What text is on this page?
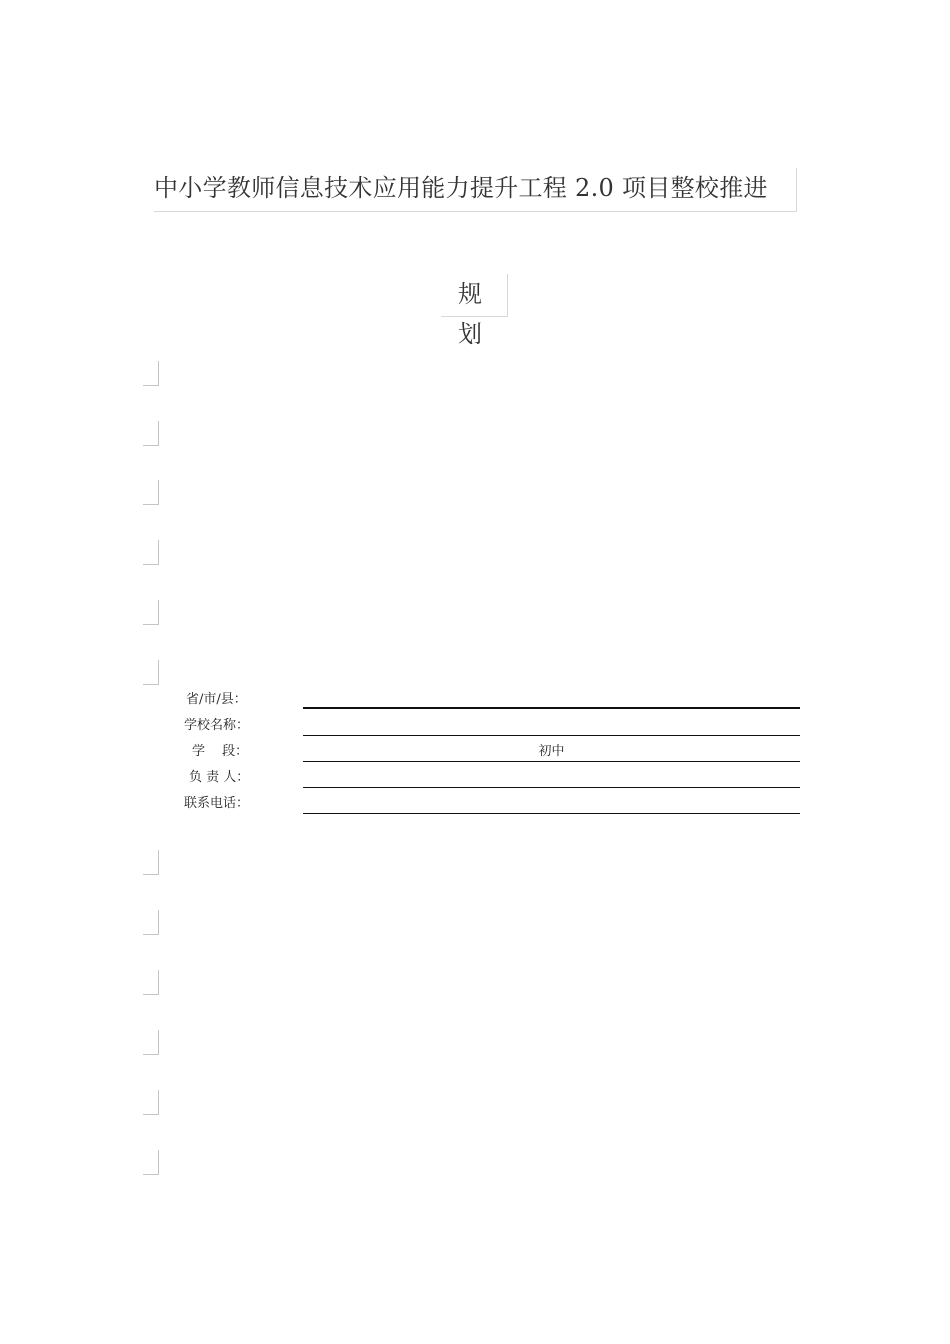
中小学教师信息技术应用能力提升工程 2.0 项目整校推进
规 划
省/市/县：
学校名称：
学　 段：	初中
负 责 人：
联系电话：
